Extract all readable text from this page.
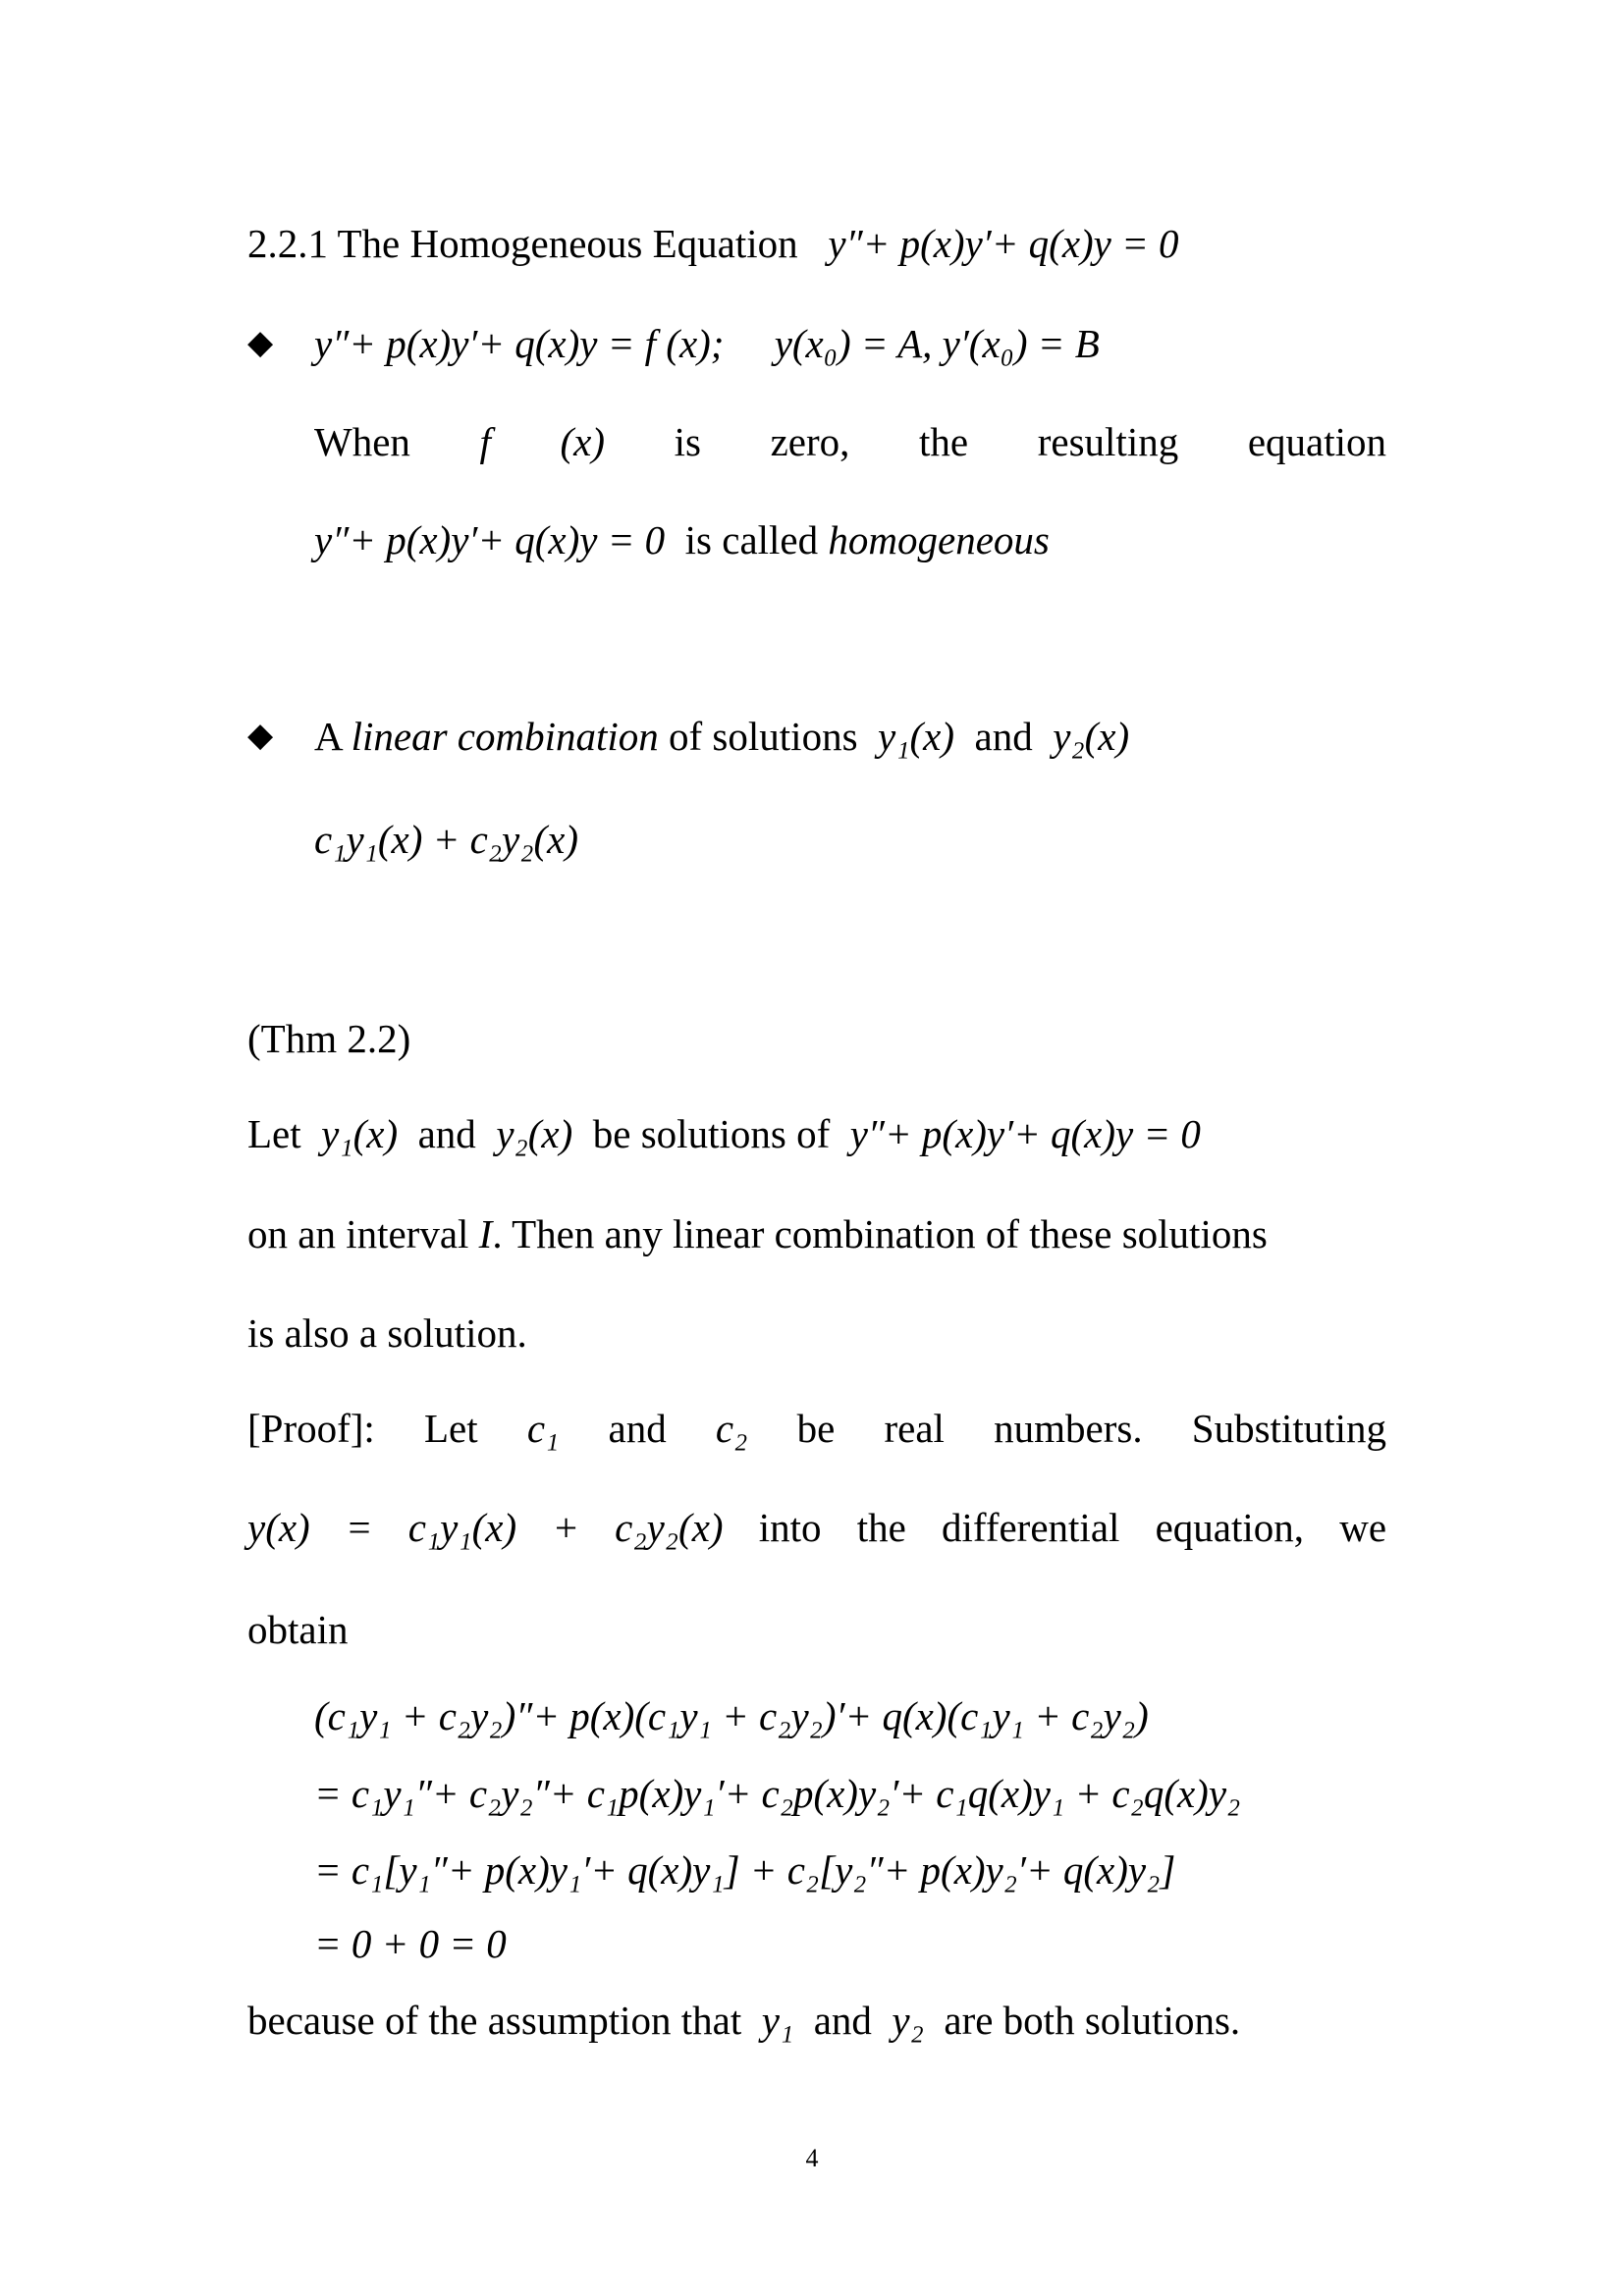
2.2.1 The Homogeneous Equation y″+ p(x)y′+ q(x)y = 0
◆ y″+ p(x)y′+ q(x)y = f (x); y(x₀) = A, y′(x₀) = B
When f (x) is zero, the resulting equation
y″+ p(x)y′+ q(x)y = 0 is called homogeneous
◆ A linear combination of solutions y₁(x) and y₂(x)
c₁y₁(x) + c₂y₂(x)
(Thm 2.2)
Let y₁(x) and y₂(x) be solutions of y″+ p(x)y′+ q(x)y = 0
on an interval I. Then any linear combination of these solutions
is also a solution.
[Proof]: Let c₁ and c₂ be real numbers. Substituting
y(x) = c₁y₁(x) + c₂y₂(x) into the differential equation, we
obtain
(c₁y₁ + c₂y₂)″+ p(x)(c₁y₁ + c₂y₂)′+ q(x)(c₁y₁ + c₂y₂)
= c₁y₁″+ c₂y₂″+ c₁p(x)y₁′+ c₂p(x)y₂′+ c₁q(x)y₁ + c₂q(x)y₂
= c₁[y₁″+ p(x)y₁′+ q(x)y₁] + c₂[y₂″+ p(x)y₂′+ q(x)y₂]
= 0 + 0 = 0
because of the assumption that y₁ and y₂ are both solutions.
4
